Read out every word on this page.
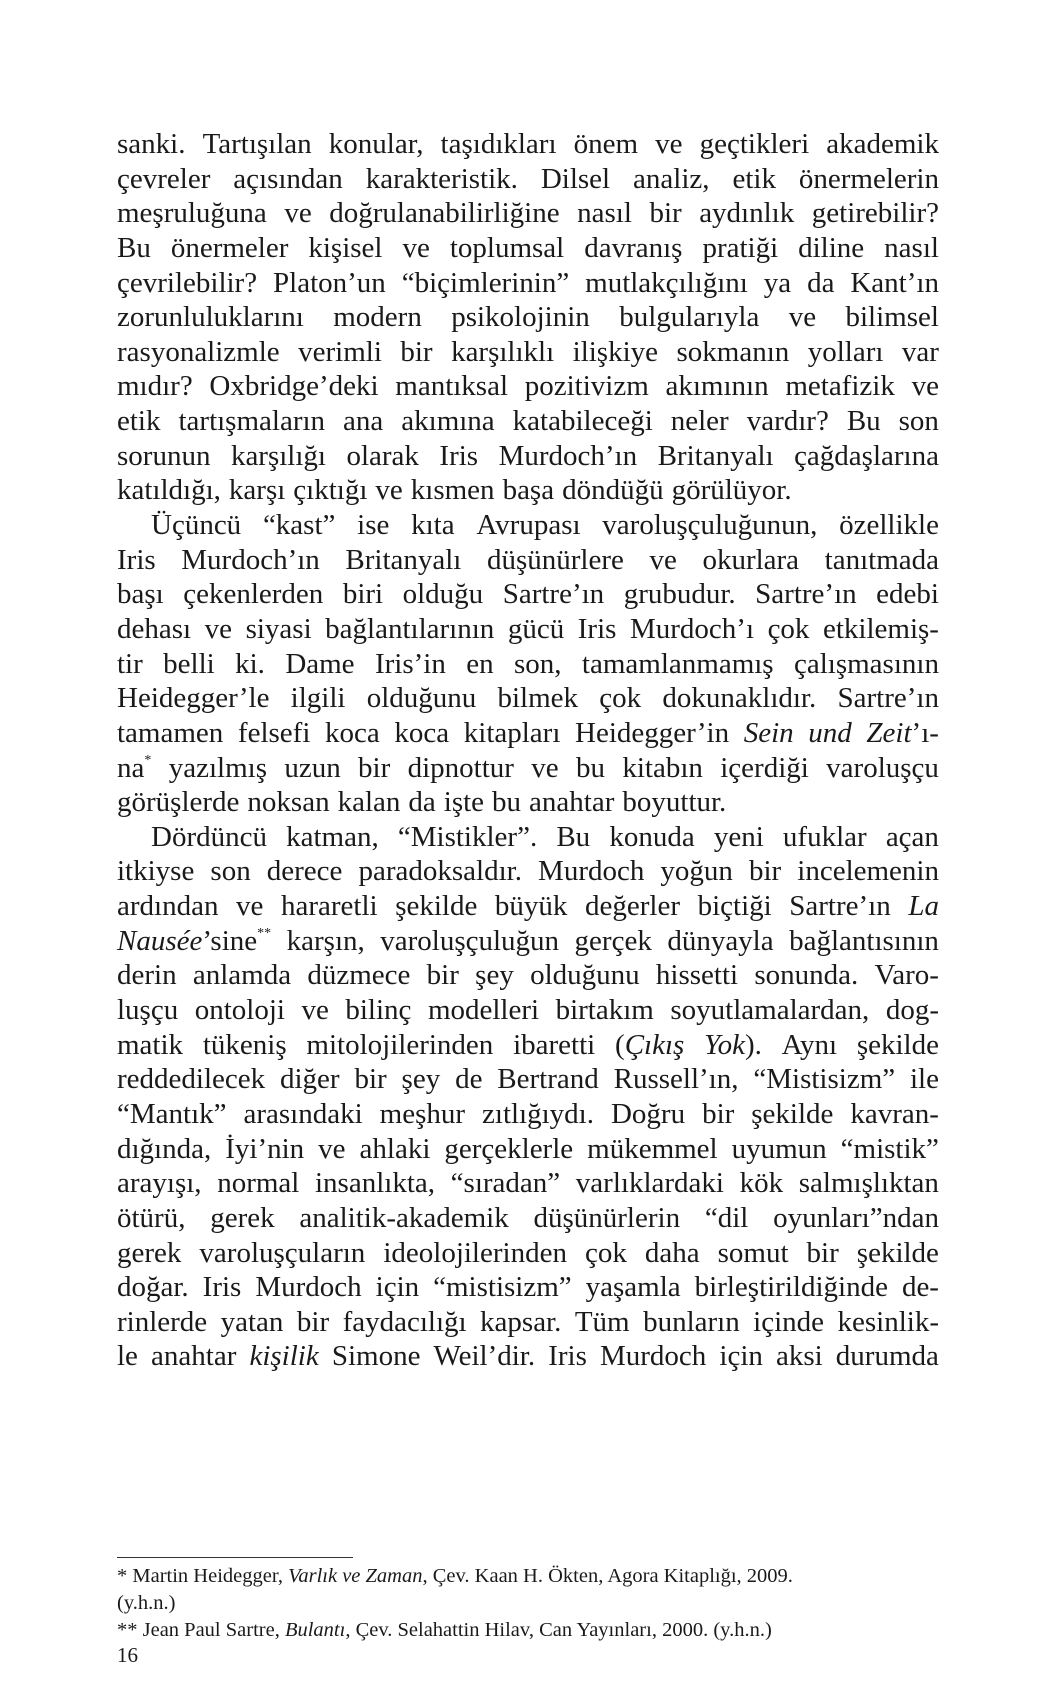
sanki. Tartışılan konular, taşıdıkları önem ve geçtikleri akademik
çevreler açısından karakteristik. Dilsel analiz, etik önermelerin
meşruluğuna ve doğrulanabilirliğine nasıl bir aydınlık getirebilir?
Bu önermeler kişisel ve toplumsal davranış pratiği diline nasıl
çevrilebilir? Platon’un “biçimlerinin” mutlakçılığını ya da Kant’ın
zorunluluklarını modern psikolojinin bulgularıyla ve bilimsel
rasyonalizmle verimli bir karşılıklı ilişkiye sokmanın yolları var
mıdır? Oxbridge’deki mantıksal pozitivizm akımının metafizik ve
etik tartışmaların ana akımına katabileceği neler vardır? Bu son
sorunun karşılığı olarak Iris Murdoch’ın Britanyalı çağdaşlarına
katıldığı, karşı çıktığı ve kısmen başa döndüğü görülüyor.
Üçüncü “kast” ise kıta Avrupası varoluşçuluğunun, özellikle
Iris Murdoch’ın Britanyalı düşünürlere ve okurlara tanıtmada
başı çekenlerden biri olduğu Sartre’ın grubudur. Sartre’ın edebi
dehası ve siyasi bağlantılarının gücü Iris Murdoch’ı çok etkilemiş-
tir belli ki. Dame Iris’in en son, tamamlanmamış çalışmasının
Heidegger’le ilgili olduğunu bilmek çok dokunaklıdır. Sartre’ın
tamamen felsefi koca koca kitapları Heidegger’in Sein und Zeit’ı-
na* yazılmış uzun bir dipnottur ve bu kitabın içerdiği varoluşçu
görüşlerde noksan kalan da işte bu anahtar boyuttur.
Dördüncü katman, “Mistikler”. Bu konuda yeni ufuklar açan
itkiyse son derece paradoksaldır. Murdoch yoğun bir incelemenin
ardından ve hararetli şekilde büyük değerler biçtiği Sartre’ın La
Nausée’sine** karşın, varoluşçuluğun gerçek dünyayla bağlantısının
derin anlamda düzmece bir şey olduğunu hissetti sonunda. Varo-
luşçu ontoloji ve bilinç modelleri birtakım soyutlamalardan, dog-
matik tükeniş mitolojilerinden ibaretti (Çıkış Yok). Aynı şekilde
reddedilecek diğer bir şey de Bertrand Russell’ın, “Mistisizm” ile
“Mantık” arasındaki meşhur zıtlığıydı. Doğru bir şekilde kavran-
dığında, İyi’nin ve ahlaki gerçeklerle mükemmel uyumun “mistik”
arayışı, normal insanlıkta, “sıradan” varlıklardaki kök salmışlıktan
ötürü, gerek analitik-akademik düşünürlerin “dil oyunları”ndan
gerek varoluşçuların ideolojilerinden çok daha somut bir şekilde
doğar. Iris Murdoch için “mistisizm” yaşamla birleştirildiğinde de-
rinlerde yatan bir faydacılığı kapsar. Tüm bunların içinde kesinlik-
le anahtar kişilik Simone Weil’dir. Iris Murdoch için aksi durumda
* Martin Heidegger, Varlık ve Zaman, Çev. Kaan H. Ökten, Agora Kitaplığı, 2009.
(y.h.n.)
** Jean Paul Sartre, Bulantı, Çev. Selahattin Hilav, Can Yayınları, 2000. (y.h.n.)
16
